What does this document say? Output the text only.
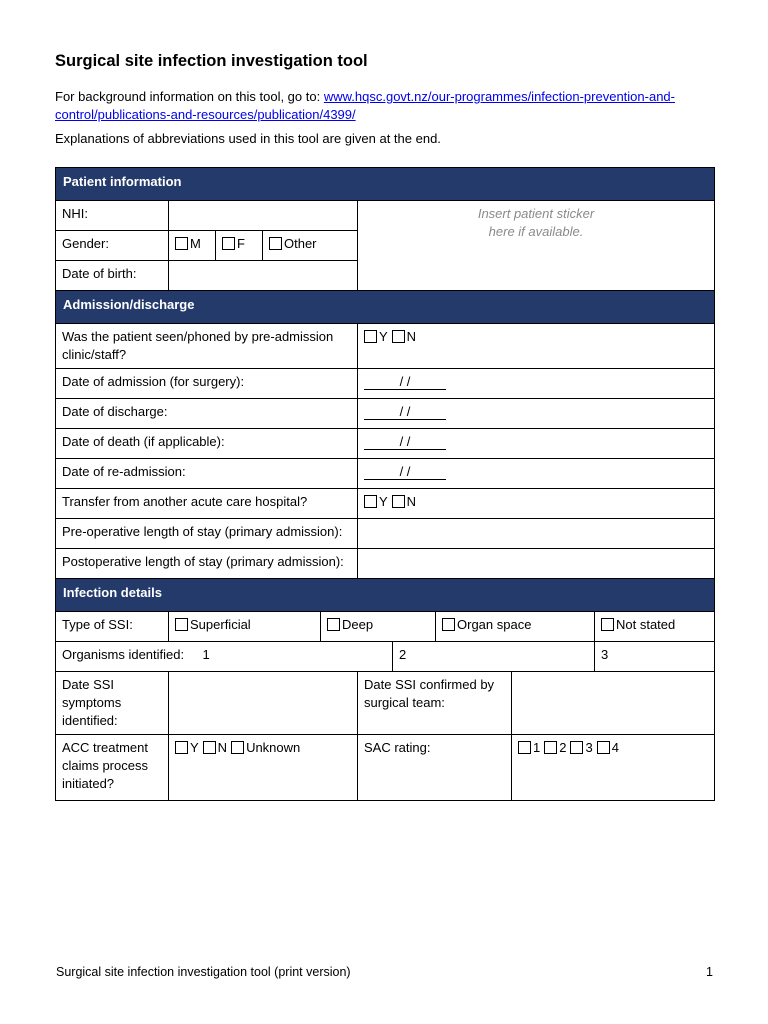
Surgical site infection investigation tool

For background information on this tool, go to: www.hqsc.govt.nz/our-programmes/infection-prevention-and-control/publications-and-resources/publication/4399/

Explanations of abbreviations used in this tool are given at the end.

Patient information										
NHI:						Insert patient sticker
here if available.				
Gender:	M		F	Other						
Date of birth:										
Admission/discharge										
Was the patient seen/phoned by pre-admission clinic/staff?						Y N				
Date of admission (for surgery):						/ /				
Date of discharge:						/ /				
Date of death (if applicable):						/ /				
Date of re-admission:						/ /				
Transfer from another acute care hospital?						Y N				
Pre-operative length of stay (primary admission):										
Postoperative length of stay (primary admission):										
Infection details										
Type of SSI:	Superficial				Deep			Organ space		Not stated
Organisms identified:		1					2			3
Date SSI symptoms identified:						Date SSI confirmed by surgical team:				
ACC treatment claims process initiated?	Y N Unknown					SAC rating:			1 2 3 4	
Surgical site infection investigation tool (print version)	1
